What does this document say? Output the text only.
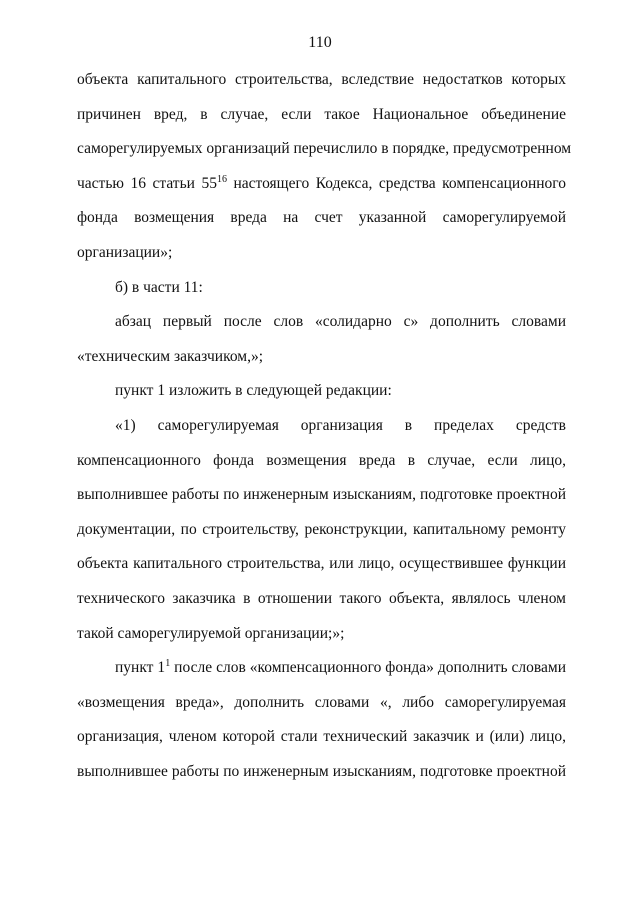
110
объекта капитального строительства, вследствие недостатков которых
причинен вред, в случае, если такое Национальное объединение
саморегулируемых организаций перечислило в порядке, предусмотренном
частью 16 статьи $55^{16}$ настоящего Кодекса, средства компенсационного
фонда возмещения вреда на счет указанной саморегулируемой
организации»;
б) в части 11:
абзац первый после слов «солидарно с» дополнить словами
«техническим заказчиком,»;
пункт 1 изложить в следующей редакции:
«1) саморегулируемая организация в пределах средств
компенсационного фонда возмещения вреда в случае, если лицо,
выполнившее работы по инженерным изысканиям, подготовке проектной
документации, по строительству, реконструкции, капитальному ремонту
объекта капитального строительства, или лицо, осуществившее функции
технического заказчика в отношении такого объекта, являлось членом
такой саморегулируемой организации;»;
пункт $1^1$ после слов «компенсационного фонда» дополнить словами
«возмещения вреда», дополнить словами «, либо саморегулируемая
организация, членом которой стали технический заказчик и (или) лицо,
выполнившее работы по инженерным изысканиям, подготовке проектной
